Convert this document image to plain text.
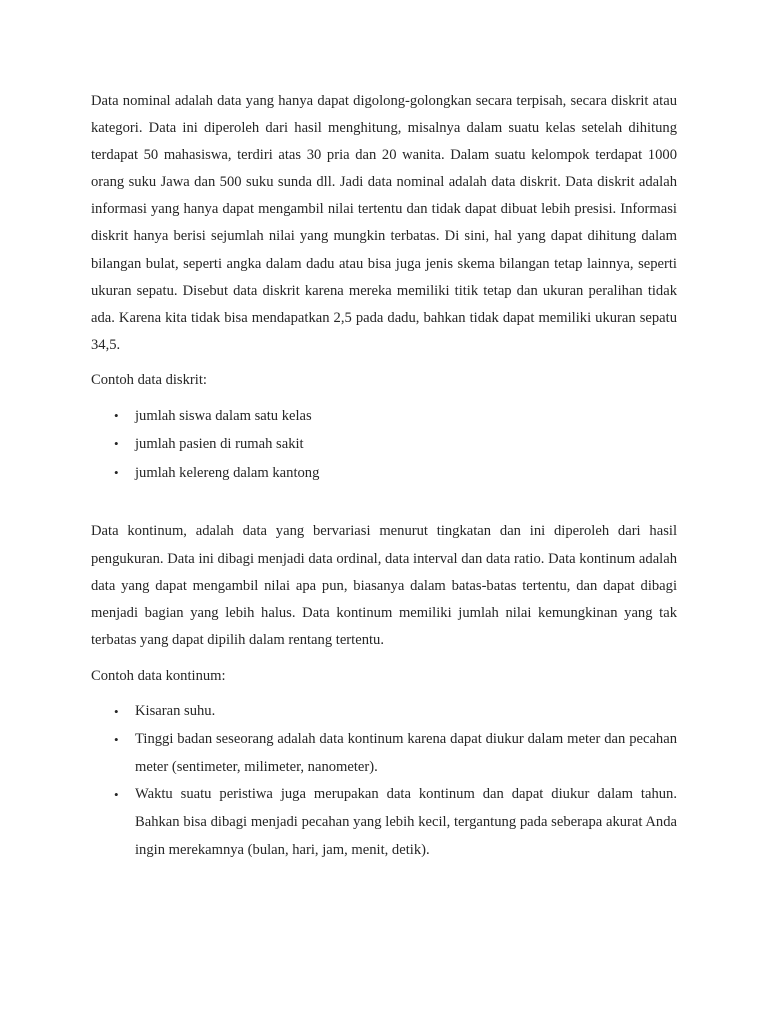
Data nominal adalah data yang hanya dapat digolong-golongkan secara terpisah, secara diskrit atau kategori. Data ini diperoleh dari hasil menghitung, misalnya dalam suatu kelas setelah dihitung terdapat 50 mahasiswa, terdiri atas 30 pria dan 20 wanita. Dalam suatu kelompok terdapat 1000 orang suku Jawa dan 500 suku sunda dll. Jadi data nominal adalah data diskrit. Data diskrit adalah informasi yang hanya dapat mengambil nilai tertentu dan tidak dapat dibuat lebih presisi. Informasi diskrit hanya berisi sejumlah nilai yang mungkin terbatas. Di sini, hal yang dapat dihitung dalam bilangan bulat, seperti angka dalam dadu atau bisa juga jenis skema bilangan tetap lainnya, seperti ukuran sepatu. Disebut data diskrit karena mereka memiliki titik tetap dan ukuran peralihan tidak ada. Karena kita tidak bisa mendapatkan 2,5 pada dadu, bahkan tidak dapat memiliki ukuran sepatu 34,5.

Contoh data diskrit:

• jumlah siswa dalam satu kelas
• jumlah pasien di rumah sakit
• jumlah kelereng dalam kantong

Data kontinum, adalah data yang bervariasi menurut tingkatan dan ini diperoleh dari hasil pengukuran. Data ini dibagi menjadi data ordinal, data interval dan data ratio. Data kontinum adalah data yang dapat mengambil nilai apa pun, biasanya dalam batas-batas tertentu, dan dapat dibagi menjadi bagian yang lebih halus. Data kontinum memiliki jumlah nilai kemungkinan yang tak terbatas yang dapat dipilih dalam rentang tertentu.

Contoh data kontinum:

• Kisaran suhu.
• Tinggi badan seseorang adalah data kontinum karena dapat diukur dalam meter dan pecahan meter (sentimeter, milimeter, nanometer).
• Waktu suatu peristiwa juga merupakan data kontinum dan dapat diukur dalam tahun. Bahkan bisa dibagi menjadi pecahan yang lebih kecil, tergantung pada seberapa akurat Anda ingin merekamnya (bulan, hari, jam, menit, detik).
